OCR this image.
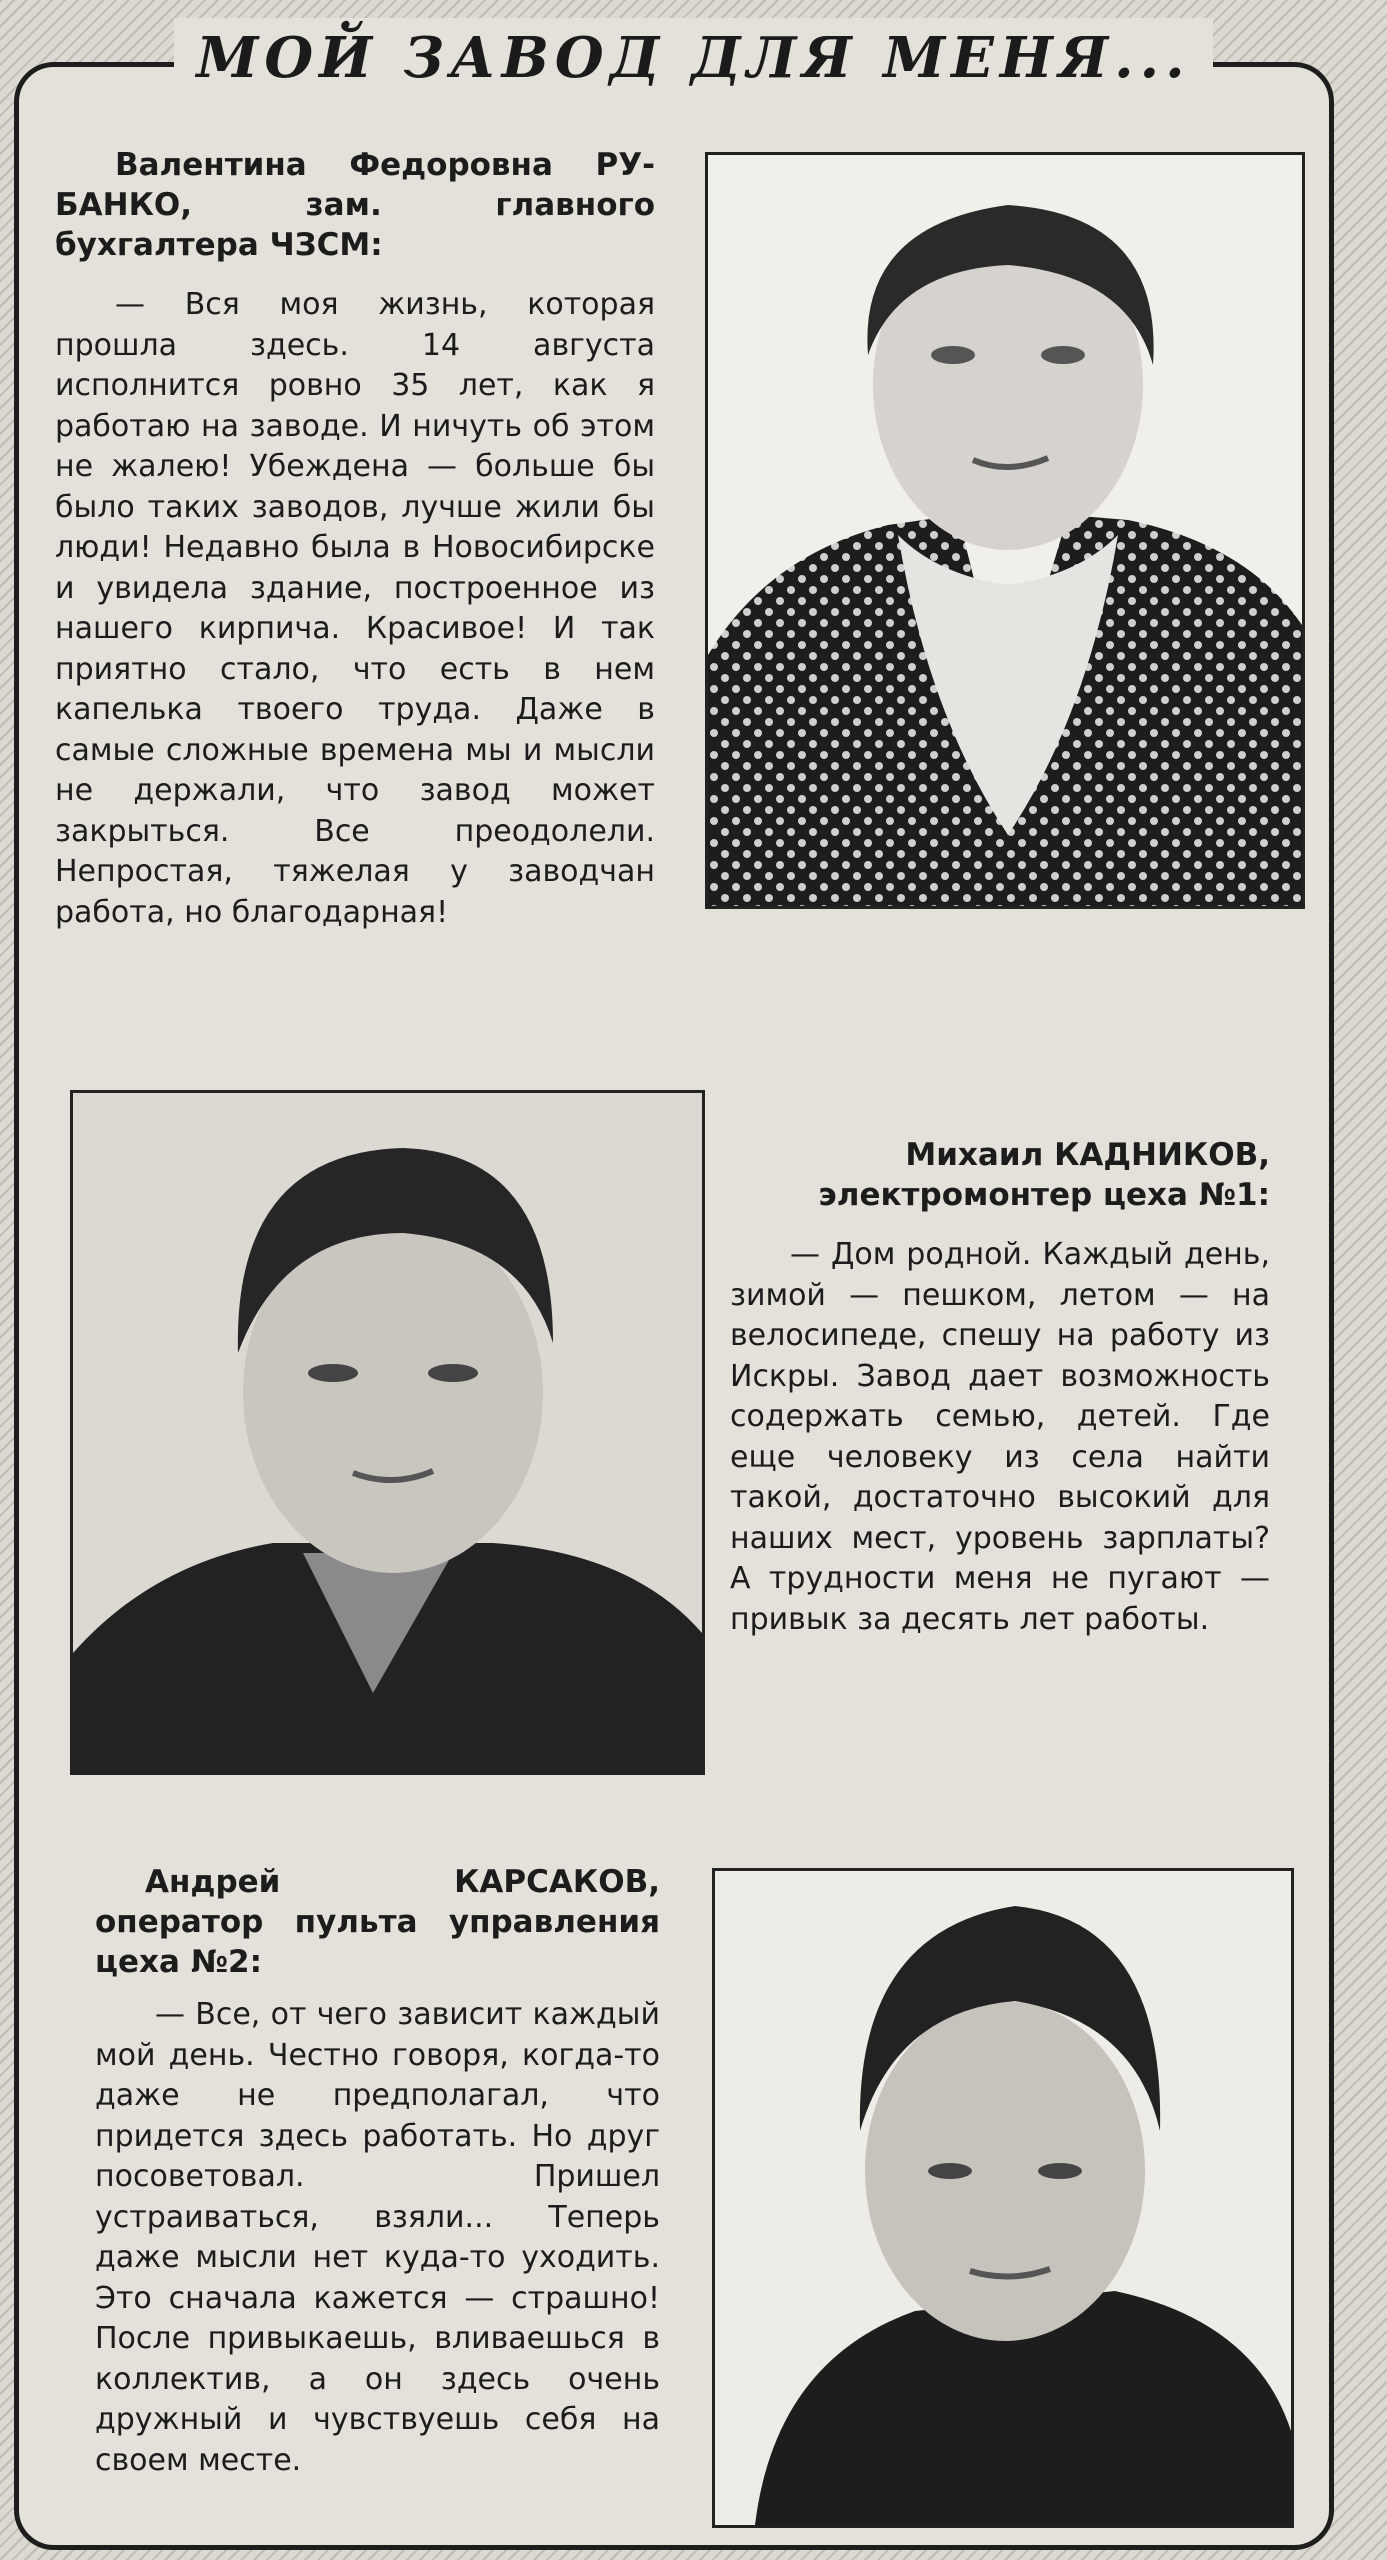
МОЙ ЗАВОД ДЛЯ МЕНЯ...
Валентина Федоровна РУ-БАНКО, зам. главного бухгалтера ЧЗСМ:
— Вся моя жизнь, которая прошла здесь. 14 августа исполнится ровно 35 лет, как я работаю на заводе. И ничуть об этом не жалею! Убеждена — больше бы было таких заводов, лучше жили бы люди! Недавно была в Новосибирске и увидела здание, построенное из нашего кирпича. Красивое! И так приятно стало, что есть в нем капелька твоего труда. Даже в самые сложные времена мы и мысли не держали, что завод может закрыться. Все преодолели. Непростая, тяжелая у заводчан работа, но благодарная!
Михаил КАДНИКОВ, электромонтер цеха №1:
— Дом родной. Каждый день, зимой — пешком, летом — на велосипеде, спешу на работу из Искры. Завод дает возможность содержать семью, детей. Где еще человеку из села найти такой, достаточно высокий для наших мест, уровень зарплаты? А трудности меня не пугают — привык за десять лет работы.
Андрей КАРСАКОВ, оператор пульта управления цеха №2:
— Все, от чего зависит каждый мой день. Честно говоря, когда-то даже не предполагал, что придется здесь работать. Но друг посоветовал. Пришел устраиваться, взяли... Теперь даже мысли нет куда-то уходить. Это сначала кажется — страшно! После привыкаешь, вливаешься в коллектив, а он здесь очень дружный и чувствуешь себя на своем месте.
